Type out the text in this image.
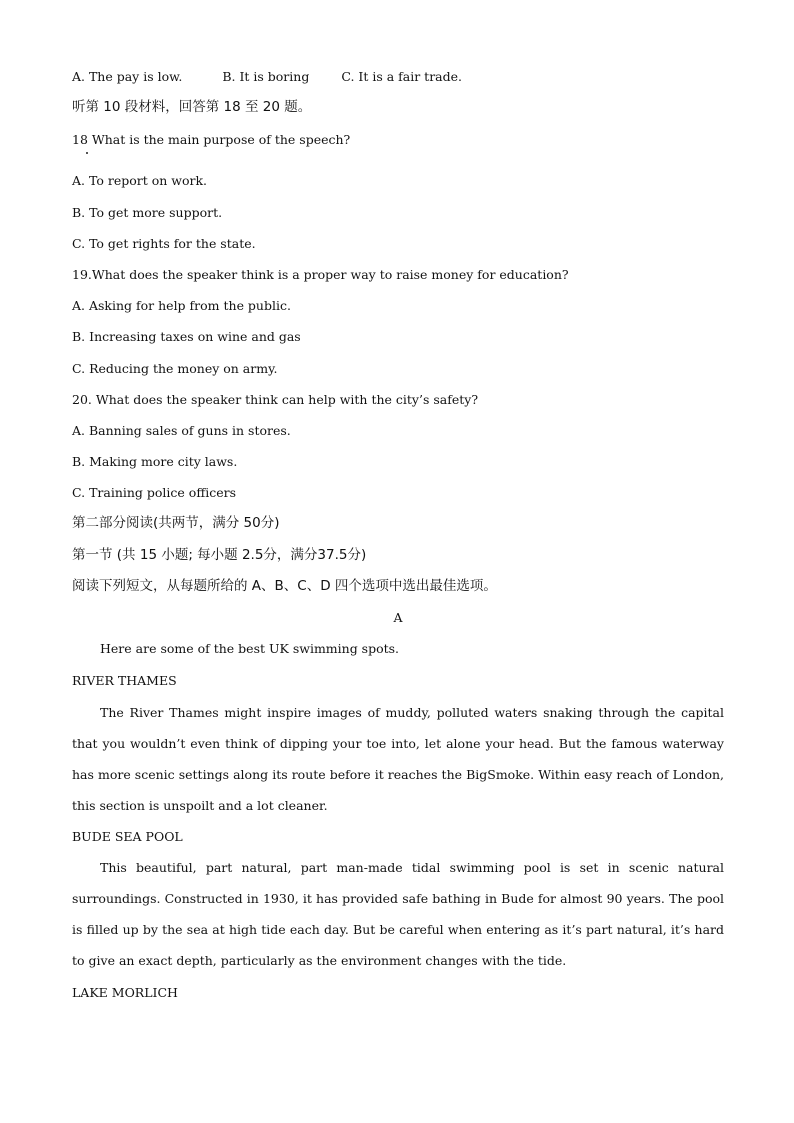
A. The pay is low.	B. It is boring	C. It is a fair trade.
听第 10 段材料，回答第 18 至 20 题。
18 What is the main purpose of the speech?
A. To report on work.
B. To get more support.
C. To get rights for the state.
19.What does the speaker think is a proper way to raise money for education?
A. Asking for help from the public.
B. Increasing taxes on wine and gas
C. Reducing the money on army.
20. What does the speaker think can help with the city’s safety?
A. Banning sales of guns in stores.
B. Making more city laws.
C. Training police officers
第二部分阅读(共两节，满分 50分)
第一节 (共 15 小题; 每小题 2.5分，满分37.5分)
阅读下列短文，从每题所给的 A、B、C、D 四个选项中选出最佳选项。
A
Here are some of the best UK swimming spots.
RIVER THAMES
The River Thames might inspire images of muddy, polluted waters snaking through the capital that you wouldn’t even think of dipping your toe into, let alone your head. But the famous waterway has more scenic settings along its route before it reaches the BigSmoke. Within easy reach of London, this section is unspoilt and a lot cleaner.
BUDE SEA POOL
This beautiful, part natural, part man-made tidal swimming pool is set in scenic natural surroundings. Constructed in 1930, it has provided safe bathing in Bude for almost 90 years. The pool is filled up by the sea at high tide each day. But be careful when entering as it’s part natural, it’s hard to give an exact depth, particularly as the environment changes with the tide.
LAKE MORLICH
